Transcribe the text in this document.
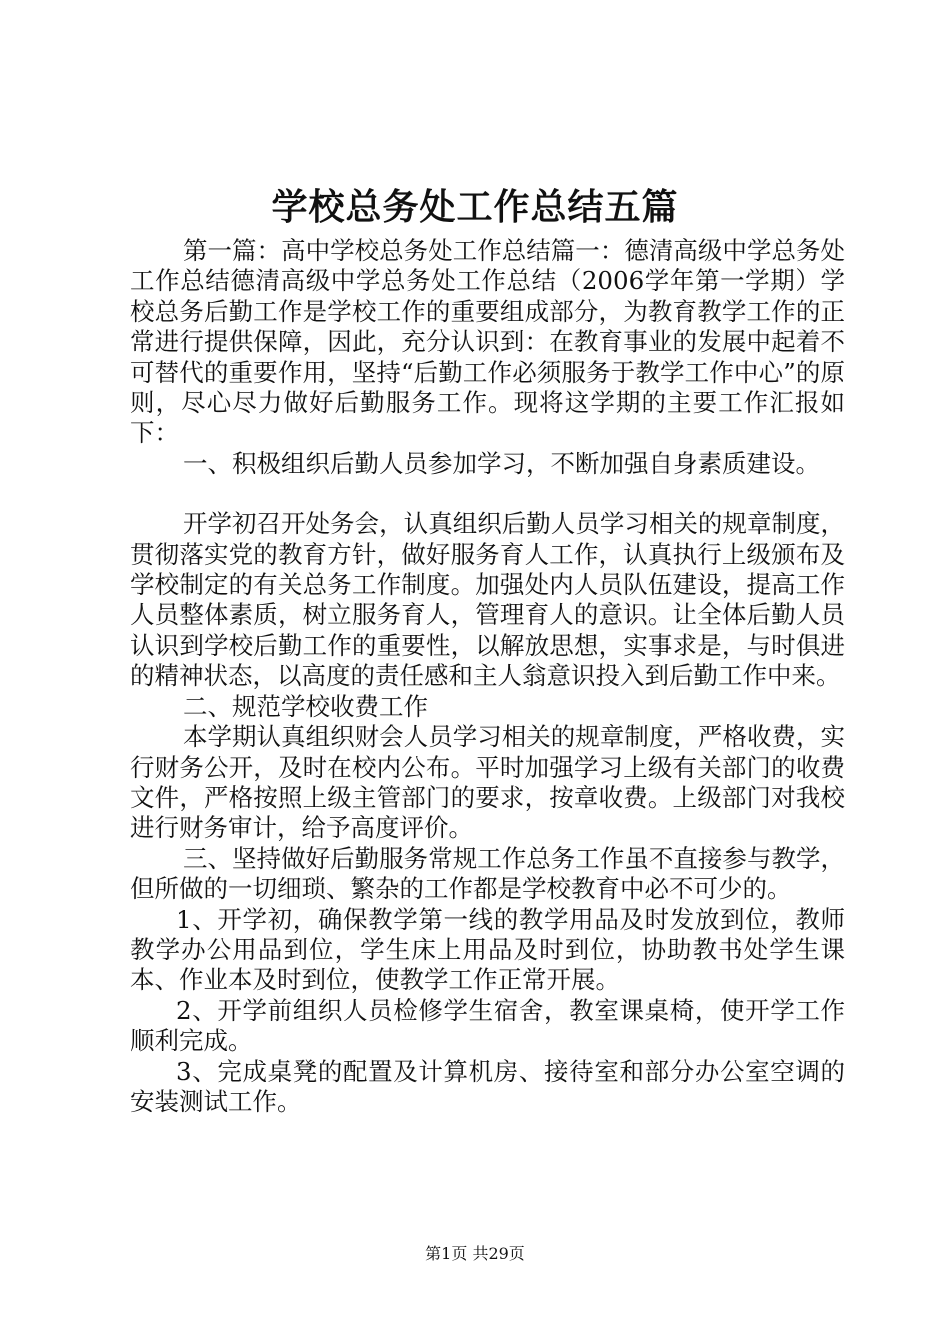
学校总务处工作总结五篇

第一篇：高中学校总务处工作总结篇一：德清高级中学总务处工作总结德清高级中学总务处工作总结（2006学年第一学期）学校总务后勤工作是学校工作的重要组成部分，为教育教学工作的正常进行提供保障，因此，充分认识到：在教育事业的发展中起着不可替代的重要作用，坚持“后勤工作必须服务于教学工作中心”的原则，尽心尽力做好后勤服务工作。现将这学期的主要工作汇报如下：

一、积极组织后勤人员参加学习，不断加强自身素质建设。

开学初召开处务会，认真组织后勤人员学习相关的规章制度，贯彻落实党的教育方针，做好服务育人工作，认真执行上级颁布及学校制定的有关总务工作制度。加强处内人员队伍建设，提高工作人员整体素质，树立服务育人，管理育人的意识。让全体后勤人员认识到学校后勤工作的重要性，以解放思想，实事求是，与时俱进的精神状态，以高度的责任感和主人翁意识投入到后勤工作中来。

二、规范学校收费工作

本学期认真组织财会人员学习相关的规章制度，严格收费，实行财务公开，及时在校内公布。平时加强学习上级有关部门的收费文件，严格按照上级主管部门的要求，按章收费。上级部门对我校进行财务审计，给予高度评价。

三、坚持做好后勤服务常规工作总务工作虽不直接参与教学，但所做的一切细琐、繁杂的工作都是学校教育中必不可少的。

1、开学初，确保教学第一线的教学用品及时发放到位，教师教学办公用品到位，学生床上用品及时到位，协助教书处学生课本、作业本及时到位，使教学工作正常开展。

2、开学前组织人员检修学生宿舍，教室课桌椅，使开学工作顺利完成。

3、完成桌凳的配置及计算机房、接待室和部分办公室空调的安装测试工作。

第1页 共29页
